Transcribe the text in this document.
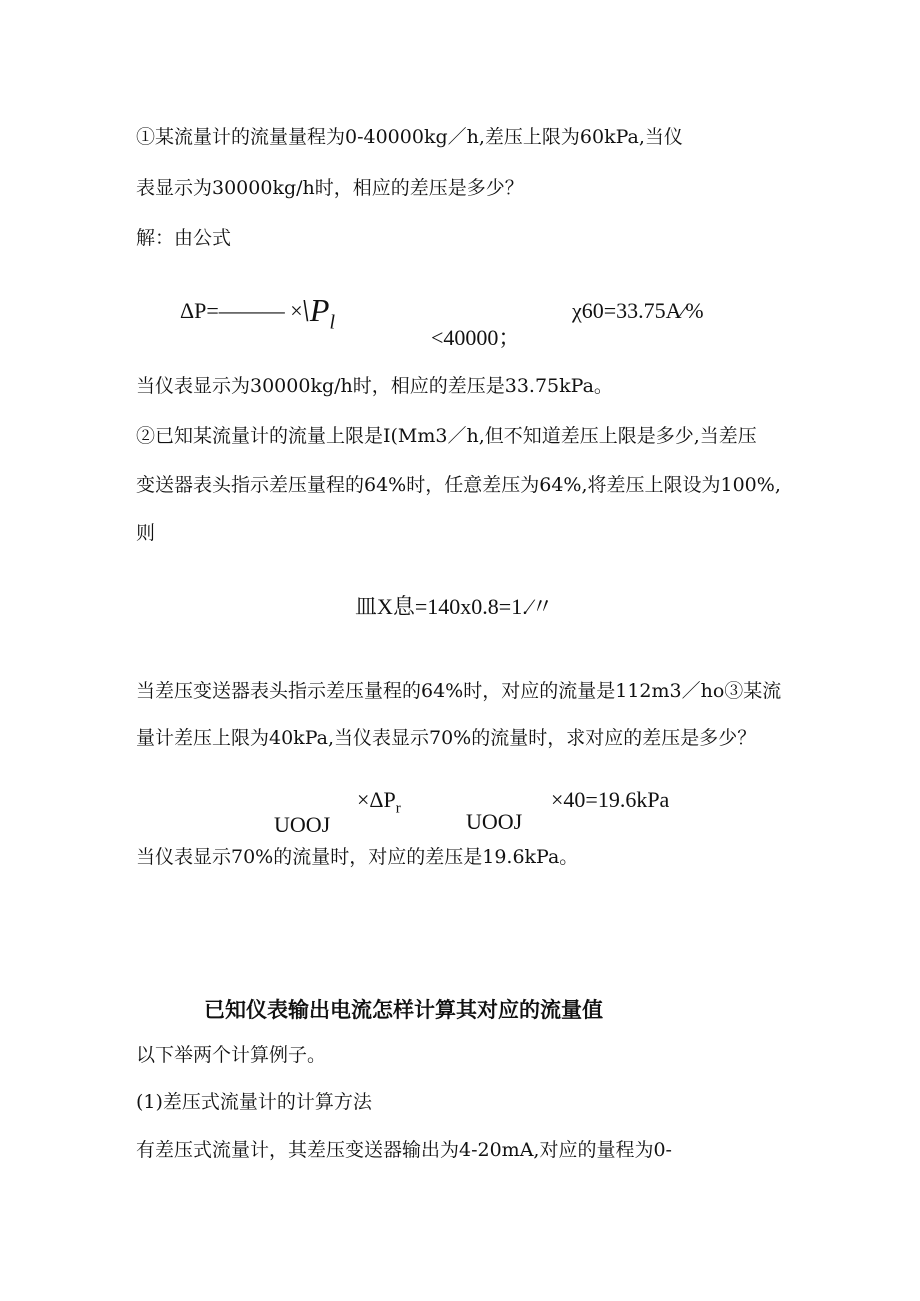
①某流量计的流量量程为0-40000kg／h,差压上限为60kPa,当仪
表显示为30000kg/h时，相应的差压是多少？
解：由公式
ΔP=——— ×
$\backslash P_l$
<40000；
χ60=33.75A∕%
当仪表显示为30000kg/h时，相应的差压是33.75kPa。
②已知某流量计的流量上限是I(Mm3／h,但不知道差压上限是多少,当差压
变送器表头指示差压量程的64%时，任意差压为64%,将差压上限设为100%,
则
皿X息=140x0.8=1.∕〃
当差压变送器表头指示差压量程的64%时，对应的流量是112m3／ho③某流
量计差压上限为40kPa,当仪表显示70%的流量时，求对应的差压是多少？
$\times\Delta P_r$	×40=19.6kPa
UOOJ	UOOJ
当仪表显示70%的流量时，对应的差压是19.6kPa。
已知仪表输出电流怎样计算其对应的流量值
以下举两个计算例子。
(1)差压式流量计的计算方法
有差压式流量计，其差压变送器输出为4-20mA,对应的量程为0-
